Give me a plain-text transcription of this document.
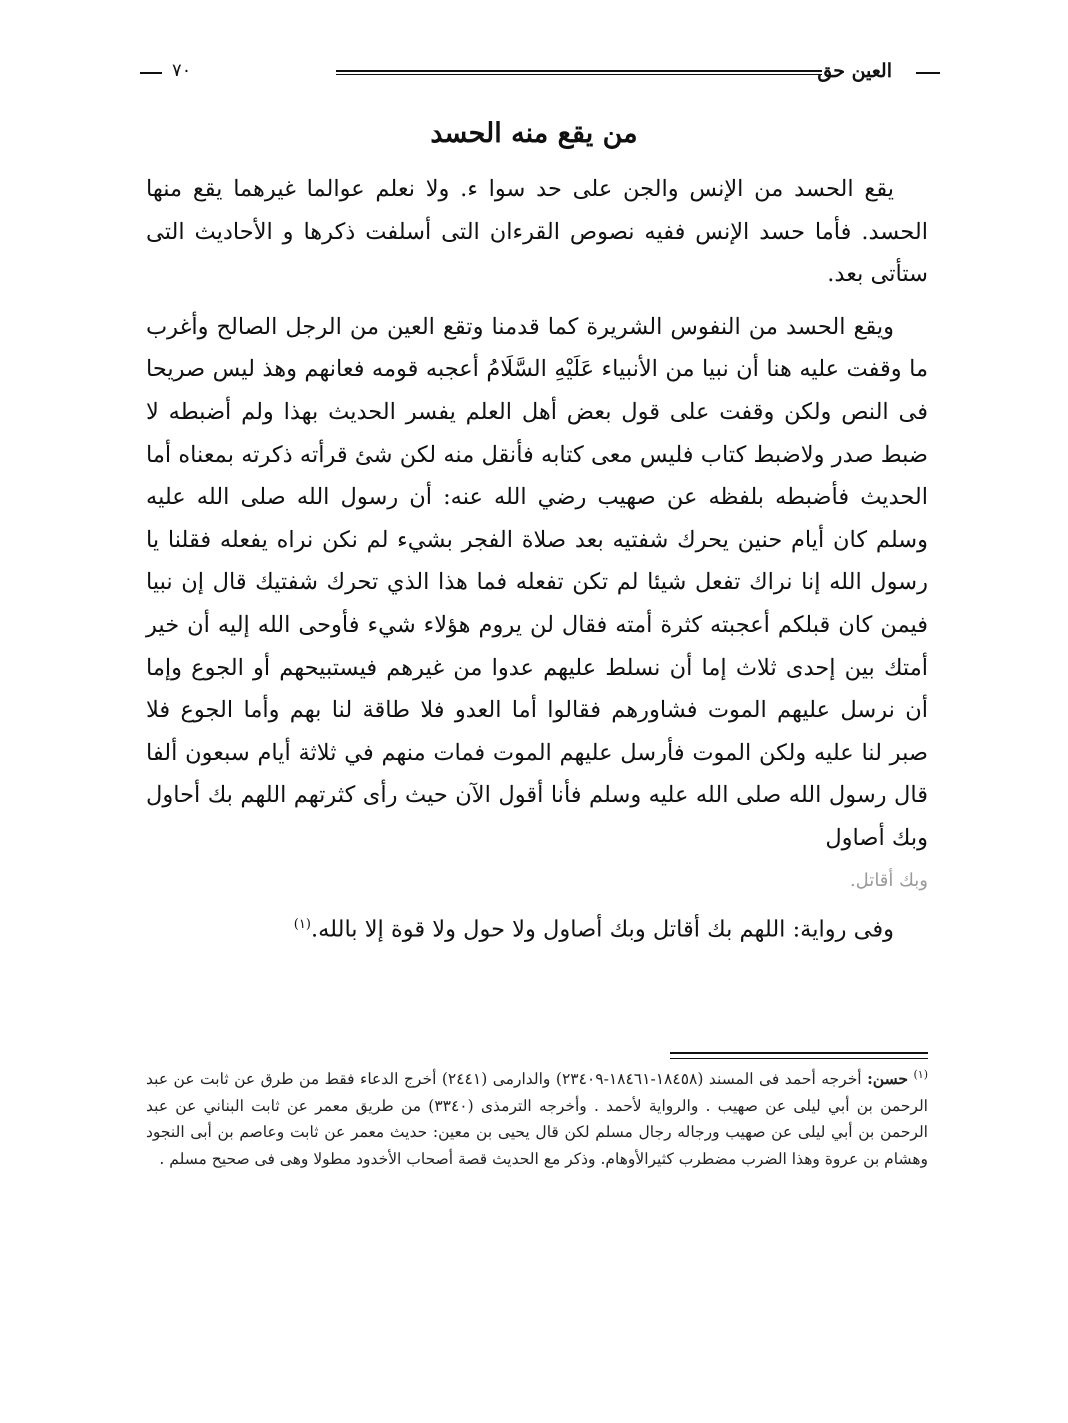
٧٠	العين حق
من يقع منه الحسد

يقع الحسد من الإنس والجن على حد سوا ء. ولا نعلم عوالما غيرهما يقع منها الحسد. فأما حسد الإنس ففيه نصوص القرءان التى أسلفت ذكرها و الأحاديث التى ستأتى بعد.

ويقع الحسد من النفوس الشريرة كما قدمنا وتقع العين من الرجل الصالح وأغرب ما وقفت عليه هنا أن نبيا من الأنبياء عَلَيْهِ السَّلَامُ أعجبه قومه فعانهم وهذ ليس صريحا فى النص ولكن وقفت على قول بعض أهل العلم يفسر الحديث بهذا ولم أضبطه لا ضبط صدر ولاضبط كتاب فليس معى كتابه فأنقل منه لكن شئ قرأته ذكرته بمعناه أما الحديث فأضبطه بلفظه عن صهيب رضي الله عنه: أن رسول الله صلى الله عليه وسلم كان أيام حنين يحرك شفتيه بعد صلاة الفجر بشيء لم نكن نراه يفعله فقلنا يا رسول الله إنا نراك تفعل شيئا لم تكن تفعله فما هذا الذي تحرك شفتيك قال إن نبيا فيمن كان قبلكم أعجبته كثرة أمته فقال لن يروم هؤلاء شيء فأوحى الله إليه أن خير أمتك بين إحدى ثلاث إما أن نسلط عليهم عدوا من غيرهم فيستبيحهم أو الجوع وإما أن نرسل عليهم الموت فشاورهم فقالوا أما العدو فلا طاقة لنا بهم وأما الجوع فلا صبر لنا عليه ولكن الموت فأرسل عليهم الموت فمات منهم في ثلاثة أيام سبعون ألفا قال رسول الله صلى الله عليه وسلم فأنا أقول الآن حيث رأى كثرتهم اللهم بك أحاول وبك أصاول

وبك أقاتل.

وفى رواية: اللهم بك أقاتل وبك أصاول ولا حول ولا قوة إلا بالله.$^{(١)}$

$^{(١)}$ حسن: أخرجه أحمد فى المسند (١٨٤٥٨-١٨٤٦١-٢٣٤٠٩) والدارمى (٢٤٤١) أخرج الدعاء فقط من طرق عن ثابت عن عبد الرحمن بن أبي ليلى عن صهيب . والرواية لأحمد . وأخرجه الترمذى (٣٣٤٠) من طريق معمر عن ثابت البناني عن عبد الرحمن بن أبي ليلى عن صهيب ورجاله رجال مسلم لكن قال يحيى بن معين: حديث معمر عن ثابت وعاصم بن أبى النجود وهشام بن عروة وهذا الضرب مضطرب كثيرالأوهام. وذكر مع الحديث قصة أصحاب الأخدود مطولا وهى فى صحيح مسلم .
